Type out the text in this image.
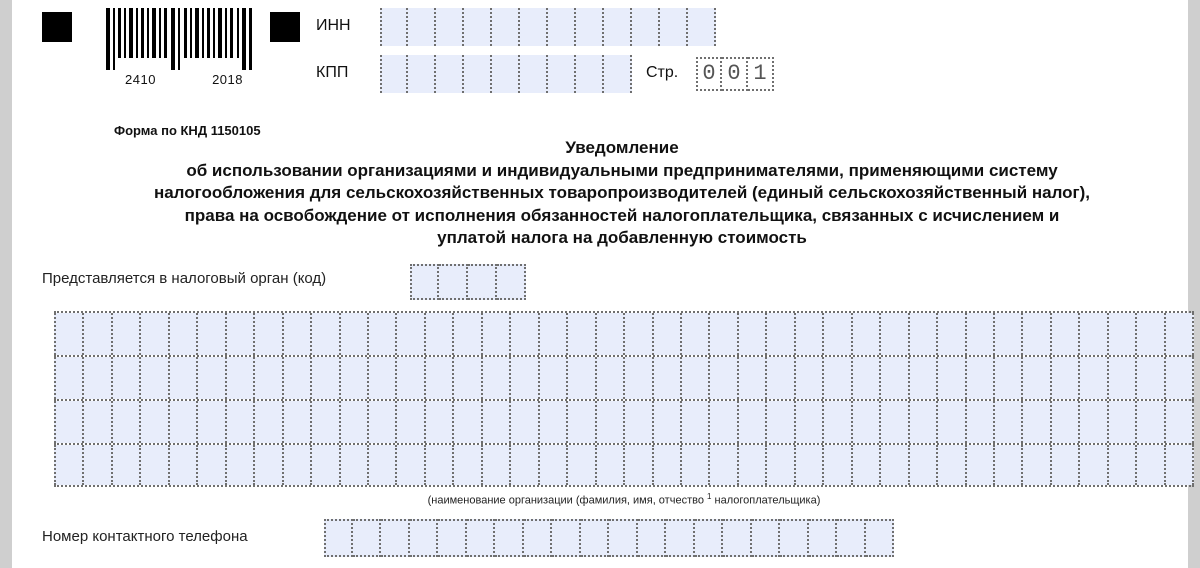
2410	2018
ИНН
КПП	Стр. 0 0 1
Форма по КНД 1150105
Уведомление
об использовании организациями и индивидуальными предпринимателями, применяющими систему
налогообложения для сельскохозяйственных товаропроизводителей (единый сельскохозяйственный налог),
права на освобождение от исполнения обязанностей налогоплательщика, связанных с исчислением и
уплатой налога на добавленную стоимость
Представляется в налоговый орган (код)
(наименование организации (фамилия, имя, отчество $^1$ налогоплательщика)
Номер контактного телефона
